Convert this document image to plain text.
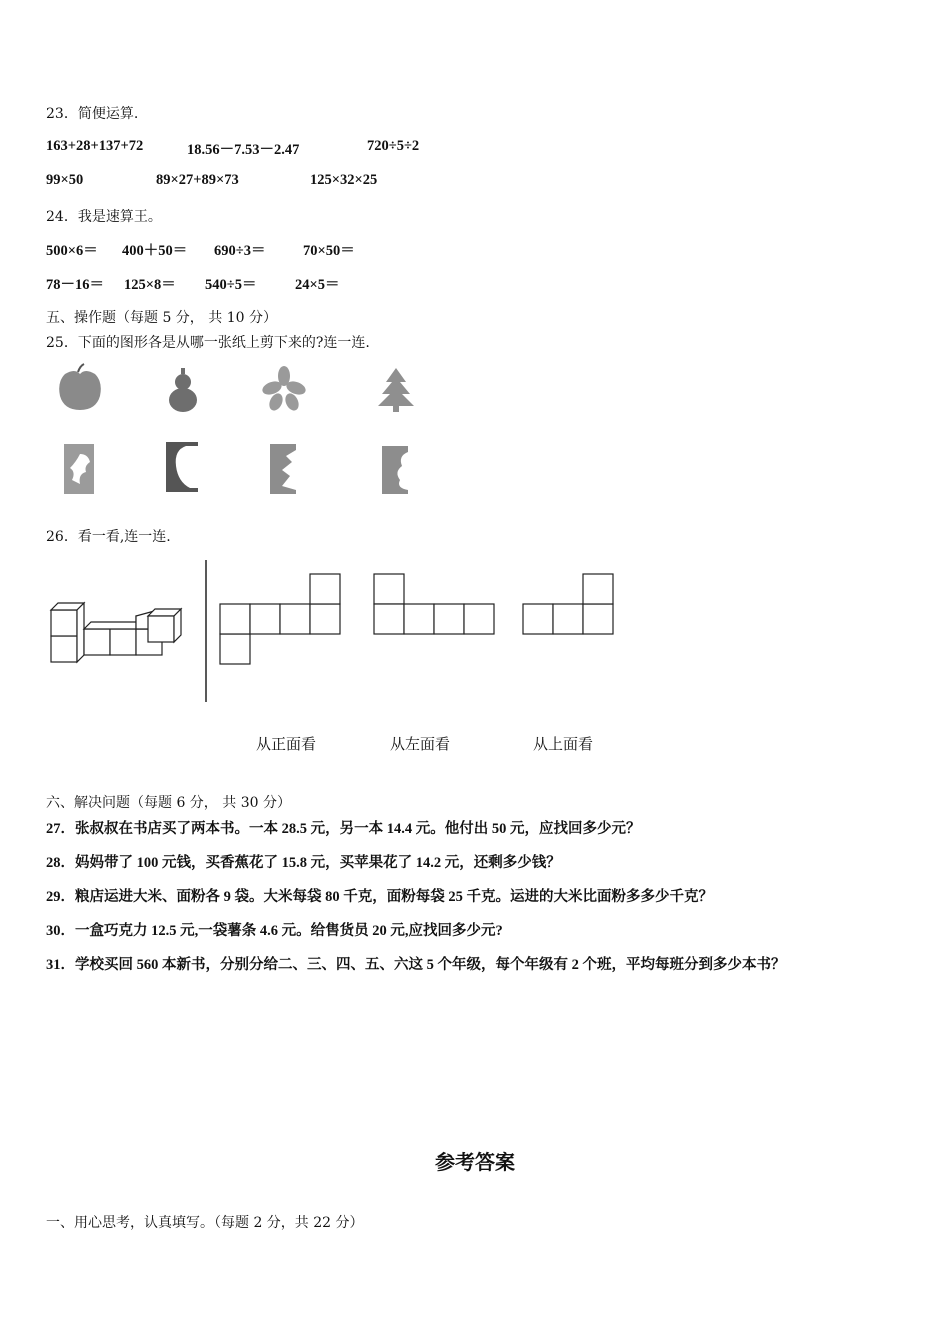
23．简便运算.
163+28+137+72	18.56－7.53－2.47	720÷5÷2
99×50	89×27+89×73	125×32×25
24．我是速算王。
500×6＝ 400＋50＝ 690÷3＝	70×50＝
78－16＝ 125×8＝ 540÷5＝	24×5＝
五、操作题（每题 5 分， 共 10 分）
25．下面的图形各是从哪一张纸上剪下来的?连一连.
26．看一看,连一连.
从正面看	从左面看	从上面看
六、解决问题（每题 6 分， 共 30 分）
27．张叔叔在书店买了两本书。一本 28.5 元，另一本 14.4 元。他付出 50 元，应找回多少元？
28．妈妈带了 100 元钱，买香蕉花了 15.8 元，买苹果花了 14.2 元，还剩多少钱？
29．粮店运进大米、面粉各 9 袋。大米每袋 80 千克，面粉每袋 25 千克。运进的大米比面粉多多少千克？
30．一盒巧克力 12.5 元,一袋薯条 4.6 元。给售货员 20 元,应找回多少元?
31．学校买回 560 本新书，分别分给二、三、四、五、六这 5 个年级，每个年级有 2 个班，平均每班分到多少本书？
参考答案
一、用心思考，认真填写。（每题 2 分，共 22 分）
